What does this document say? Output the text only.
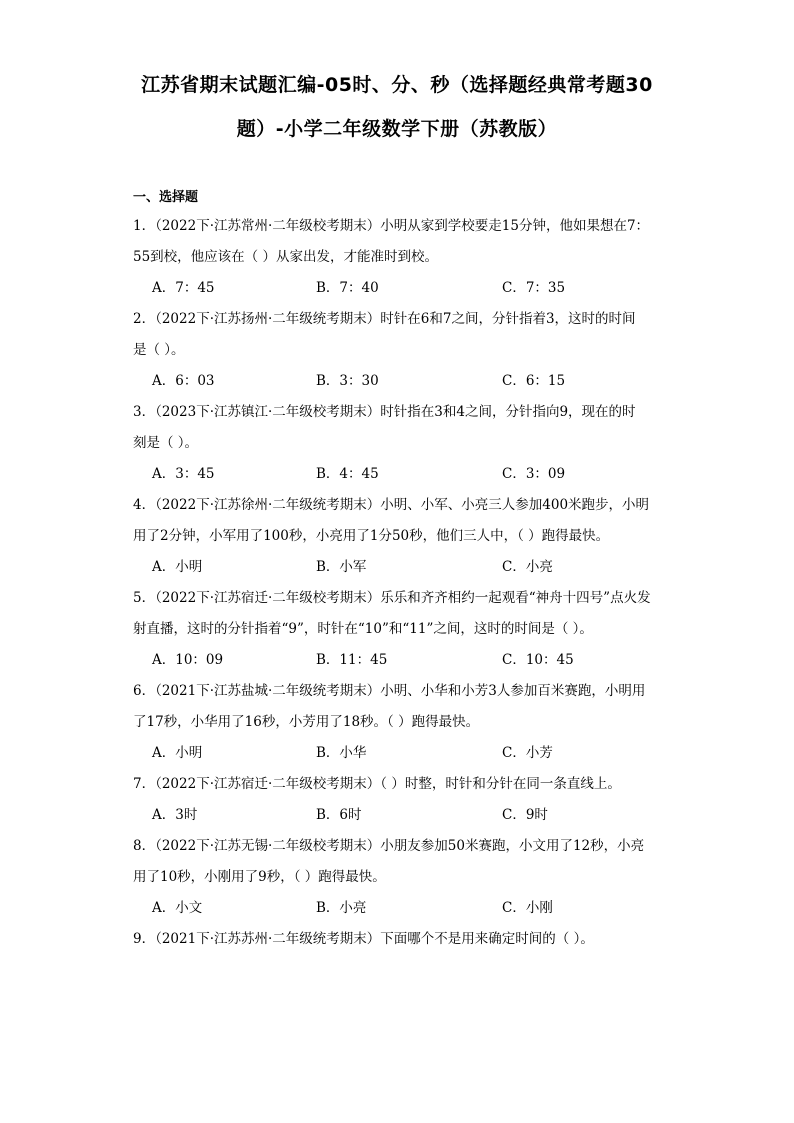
江苏省期末试题汇编-05时、分、秒（选择题经典常考题30
题）-小学二年级数学下册（苏教版）
一、选择题
1．（2022下·江苏常州·二年级校考期末）小明从家到学校要走15分钟，他如果想在7：
55到校，他应该在（ ）从家出发，才能准时到校。
A．7：45	B．7：40	C．7：35
2．（2022下·江苏扬州·二年级统考期末）时针在6和7之间，分针指着3，这时的时间
是（ ）。
A．6：03	B．3：30	C．6：15
3．（2023下·江苏镇江·二年级校考期末）时针指在3和4之间，分针指向9，现在的时
刻是（ ）。
A．3：45	B．4：45	C．3：09
4．（2022下·江苏徐州·二年级统考期末）小明、小军、小亮三人参加400米跑步，小明
用了2分钟，小军用了100秒，小亮用了1分50秒，他们三人中，（ ）跑得最快。
A．小明	B．小军	C．小亮
5．（2022下·江苏宿迁·二年级校考期末）乐乐和齐齐相约一起观看“神舟十四号”点火发
射直播，这时的分针指着“9”，时针在“10”和“11”之间，这时的时间是（ ）。
A．10：09	B．11：45	C．10：45
6．（2021下·江苏盐城·二年级统考期末）小明、小华和小芳3人参加百米赛跑，小明用
了17秒，小华用了16秒，小芳用了18秒。（ ）跑得最快。
A．小明	B．小华	C．小芳
7．（2022下·江苏宿迁·二年级校考期末）（ ）时整，时针和分针在同一条直线上。
A．3时	B．6时	C．9时
8．（2022下·江苏无锡·二年级校考期末）小朋友参加50米赛跑，小文用了12秒，小亮
用了10秒，小刚用了9秒，（ ）跑得最快。
A．小文	B．小亮	C．小刚
9．（2021下·江苏苏州·二年级统考期末）下面哪个不是用来确定时间的（ ）。
